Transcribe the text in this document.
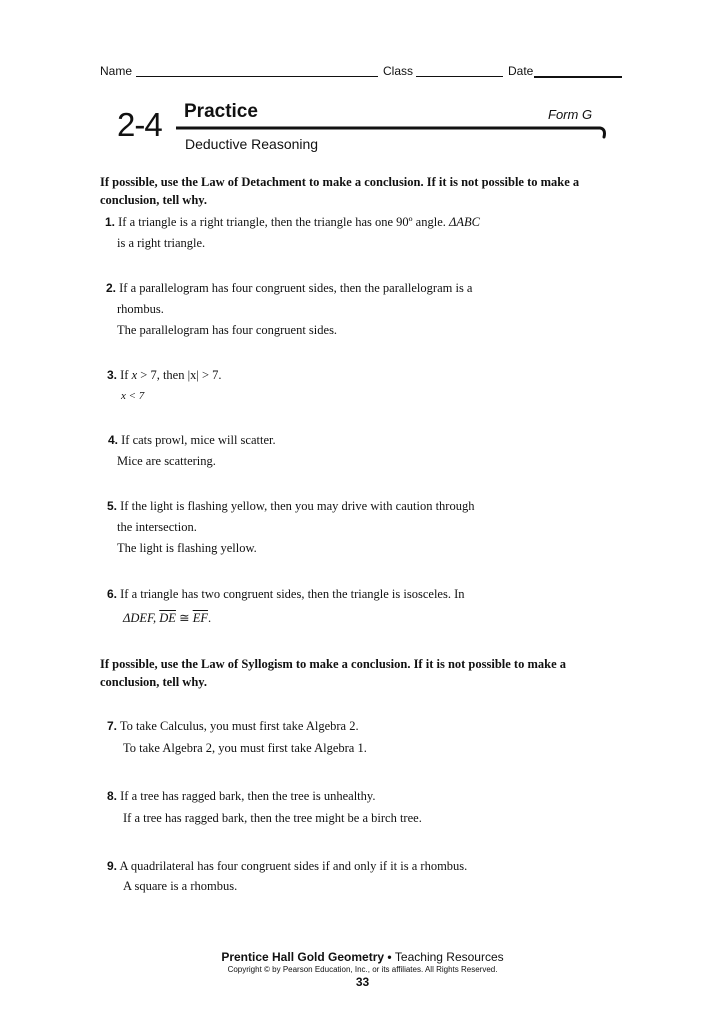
Name	Class	Date
2-4 Practice	Form G
Deductive Reasoning
If possible, use the Law of Detachment to make a conclusion. If it is not possible to make a conclusion, tell why.
1. If a triangle is a right triangle, then the triangle has one 90º angle. ΔABC
is a right triangle.
2. If a parallelogram has four congruent sides, then the parallelogram is a
rhombus.
The parallelogram has four congruent sides.
3. If x > 7, then |x| > 7.
x < 7
4. If cats prowl, mice will scatter.
Mice are scattering.
5. If the light is flashing yellow, then you may drive with caution through
the intersection.
The light is flashing yellow.
6. If a triangle has two congruent sides, then the triangle is isosceles. In
ΔDEF, $\overline{DE}$ ≅ $\overline{EF}$.
If possible, use the Law of Syllogism to make a conclusion. If it is not possible to make a conclusion, tell why.
7. To take Calculus, you must first take Algebra 2.
To take Algebra 2, you must first take Algebra 1.
8. If a tree has ragged bark, then the tree is unhealthy.
If a tree has ragged bark, then the tree might be a birch tree.
9. A quadrilateral has four congruent sides if and only if it is a rhombus.
A square is a rhombus.
Prentice Hall Gold Geometry • Teaching Resources
Copyright © by Pearson Education, Inc., or its affiliates. All Rights Reserved.
33
